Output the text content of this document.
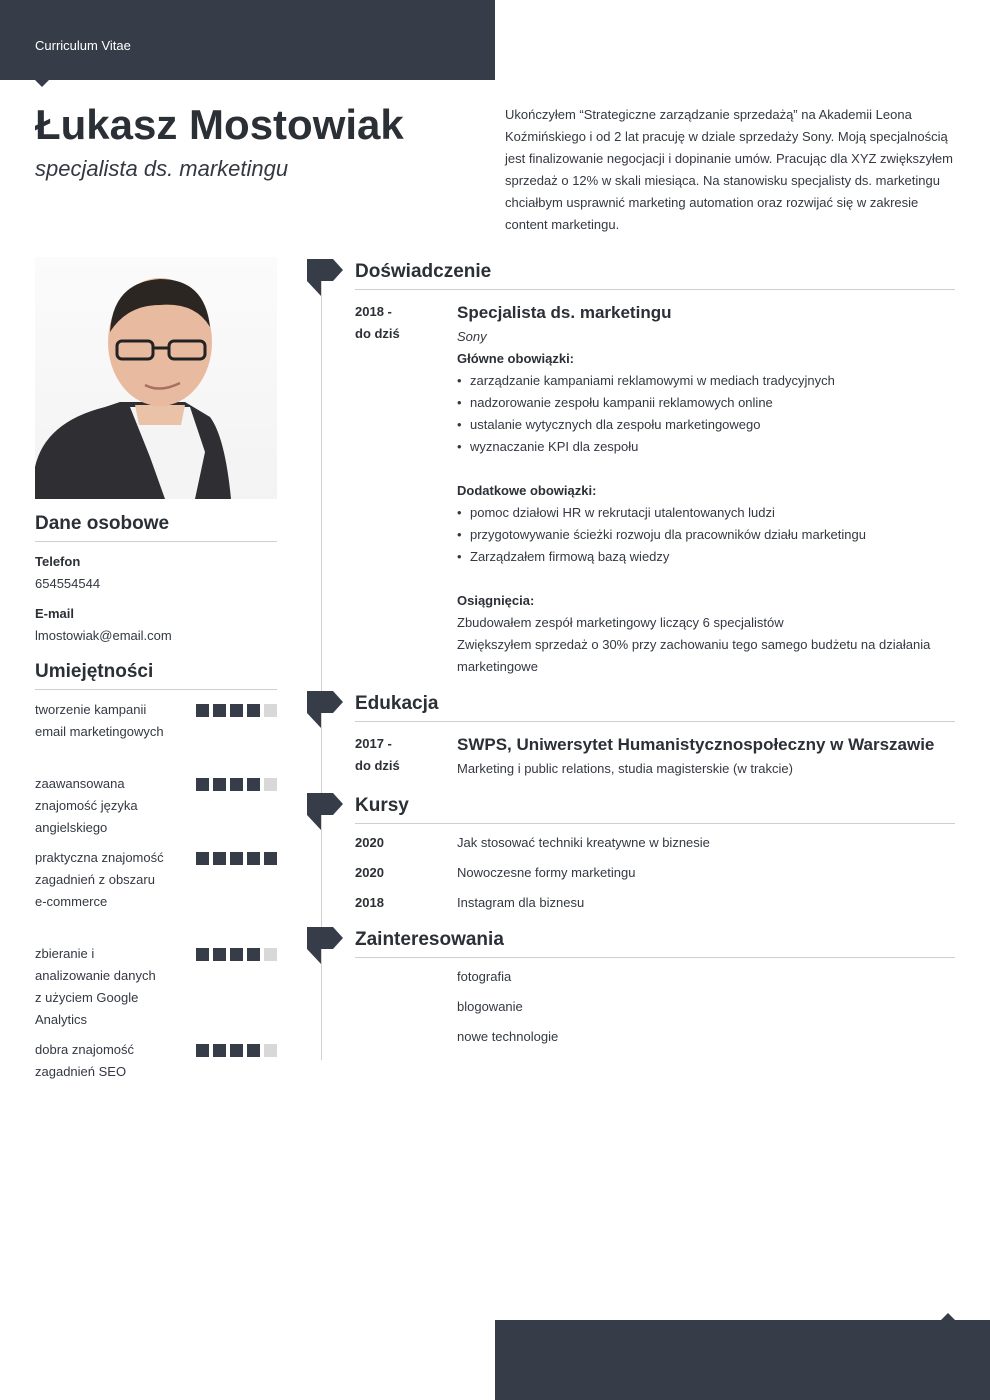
Curriculum Vitae
Łukasz Mostowiak
specjalista ds. marketingu
Ukończyłem “Strategiczne zarządzanie sprzedażą” na Akademii Leona Koźmińskiego i od 2 lat pracuję w dziale sprzedaży Sony. Moją specjalnością jest finalizowanie negocjacji i dopinanie umów. Pracując dla XYZ zwiększyłem sprzedaż o 12% w skali miesiąca. Na stanowisku specjalisty ds. marketingu chciałbym usprawnić marketing automation oraz rozwijać się w zakresie content marketingu.
Dane osobowe
Telefon
654554544
E-mail
lmostowiak@email.com
Umiejętności
tworzenie kampanii email marketingowych
zaawansowana znajomość języka angielskiego
praktyczna znajomość zagadnień z obszaru e-commerce
zbieranie i analizowanie danych z użyciem Google Analytics
dobra znajomość zagadnień SEO
Doświadczenie
2018 -
do dziś
Specjalista ds. marketingu
Sony
Główne obowiązki:
• zarządzanie kampaniami reklamowymi w mediach tradycyjnych
• nadzorowanie zespołu kampanii reklamowych online
• ustalanie wytycznych dla zespołu marketingowego
• wyznaczanie KPI dla zespołu
Dodatkowe obowiązki:
• pomoc działowi HR w rekrutacji utalentowanych ludzi
• przygotowywanie ścieżki rozwoju dla pracowników działu marketingu
• Zarządzałem firmową bazą wiedzy
Osiągnięcia:
Zbudowałem zespół marketingowy liczący 6 specjalistów
Zwiększyłem sprzedaż o 30% przy zachowaniu tego samego budżetu na działania marketingowe
Edukacja
2017 -
do dziś
SWPS, Uniwersytet Humanistycznospołeczny w Warszawie
Marketing i public relations, studia magisterskie (w trakcie)
Kursy
2020	Jak stosować techniki kreatywne w biznesie
2020	Nowoczesne formy marketingu
2018	Instagram dla biznesu
Zainteresowania
fotografia
blogowanie
nowe technologie
